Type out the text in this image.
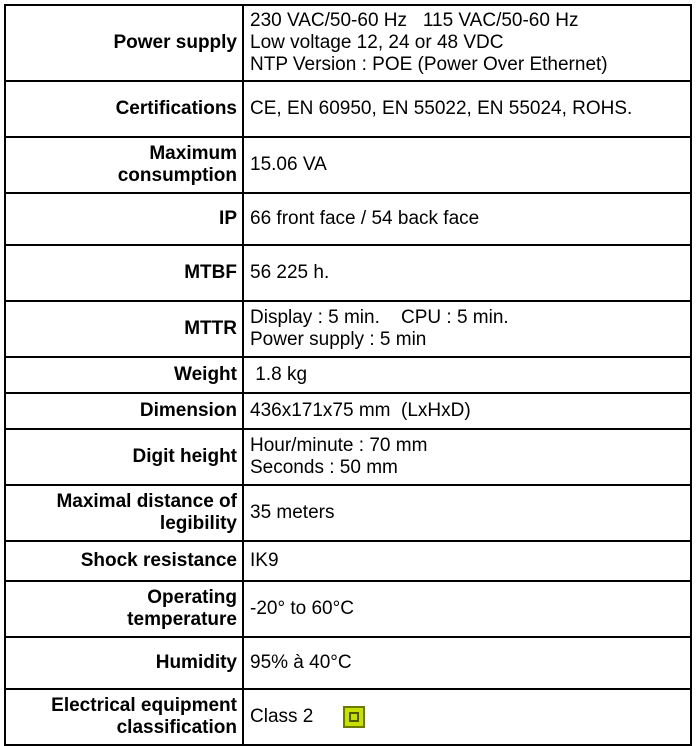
Power supply	230 VAC/50-60 Hz   115 VAC/50-60 Hz
Low voltage 12, 24 or 48 VDC
NTP Version : POE (Power Over Ethernet)

Certifications	CE, EN 60950, EN 55022, EN 55024, ROHS.

Maximum
consumption	15.06 VA

IP	66 front face / 54 back face

MTBF	56 225 h.

MTTR	Display : 5 min.    CPU : 5 min.
Power supply : 5 min

Weight	1.8 kg

Dimension	436x171x75 mm  (LxHxD)

Digit height	Hour/minute : 70 mm
Seconds : 50 mm

Maximal distance of
legibility	35 meters

Shock resistance	IK9

Operating
temperature	-20° to 60°C

Humidity	95% à 40°C

Electrical equipment
classification	Class 2
